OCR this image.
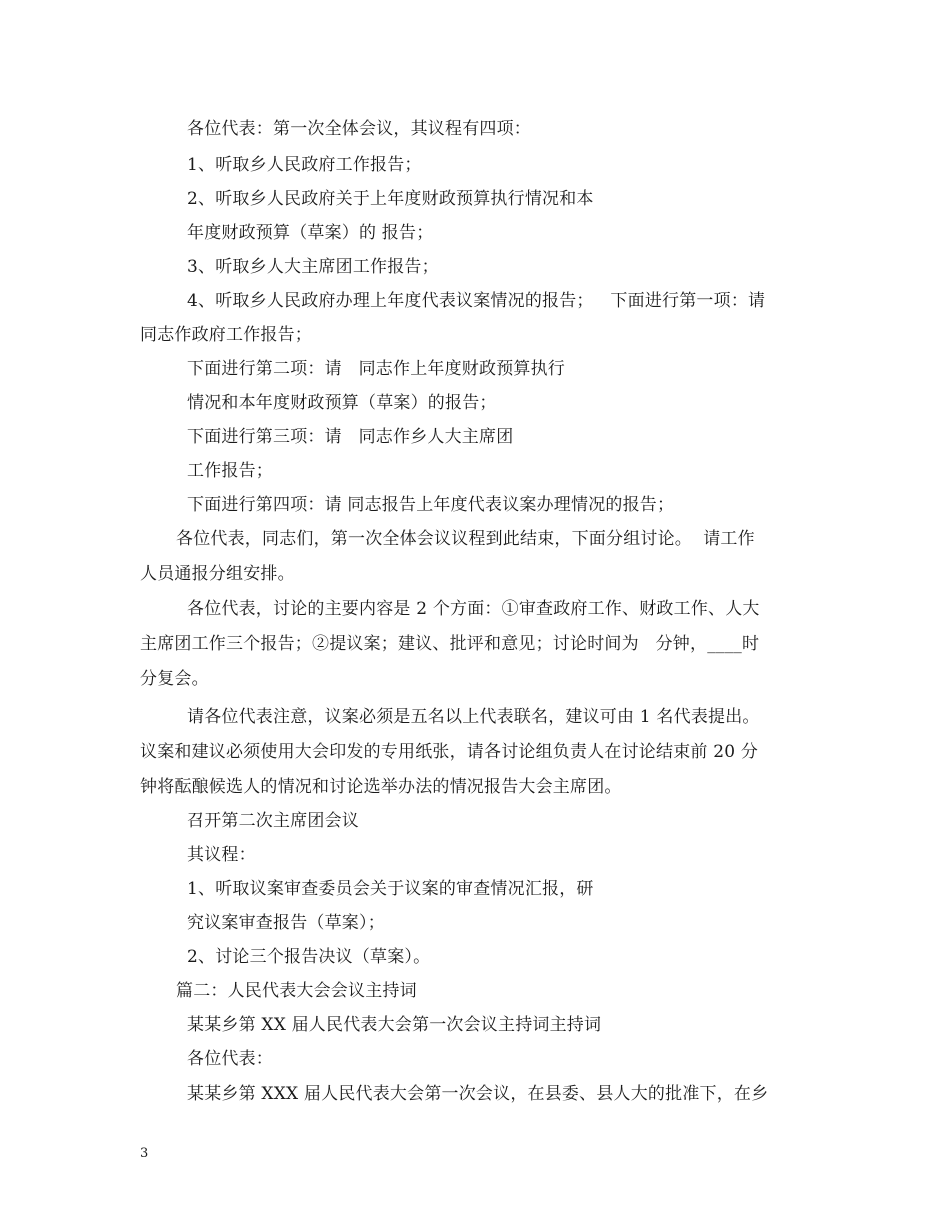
各位代表：第一次全体会议，其议程有四项：
1、听取乡人民政府工作报告；
2、听取乡人民政府关于上年度财政预算执行情况和本
年度财政预算（草案）的 报告；
3、听取乡人大主席团工作报告；
4、听取乡人民政府办理上年度代表议案情况的报告；   下面进行第一项：请
同志作政府工作报告；
下面进行第二项：请   同志作上年度财政预算执行
情况和本年度财政预算（草案）的报告；
下面进行第三项：请   同志作乡人大主席团
工作报告；
下面进行第四项：请 同志报告上年度代表议案办理情况的报告；
各位代表，同志们，第一次全体会议议程到此结束，下面分组讨论。  请工作
人员通报分组安排。
各位代表，讨论的主要内容是 2 个方面：①审查政府工作、财政工作、人大
主席团工作三个报告；②提议案；建议、批评和意见；讨论时间为   分钟，____时
分复会。
请各位代表注意，议案必须是五名以上代表联名，建议可由 1 名代表提出。
议案和建议必须使用大会印发的专用纸张，请各讨论组负责人在讨论结束前 20 分
钟将酝酿候选人的情况和讨论选举办法的情况报告大会主席团。
召开第二次主席团会议
其议程：
1、听取议案审查委员会关于议案的审查情况汇报，研
究议案审查报告（草案）；
2、讨论三个报告决议（草案）。
篇二：人民代表大会会议主持词
某某乡第 XX 届人民代表大会第一次会议主持词主持词
各位代表：
某某乡第 XXX 届人民代表大会第一次会议，在县委、县人大的批准下，在乡
3
